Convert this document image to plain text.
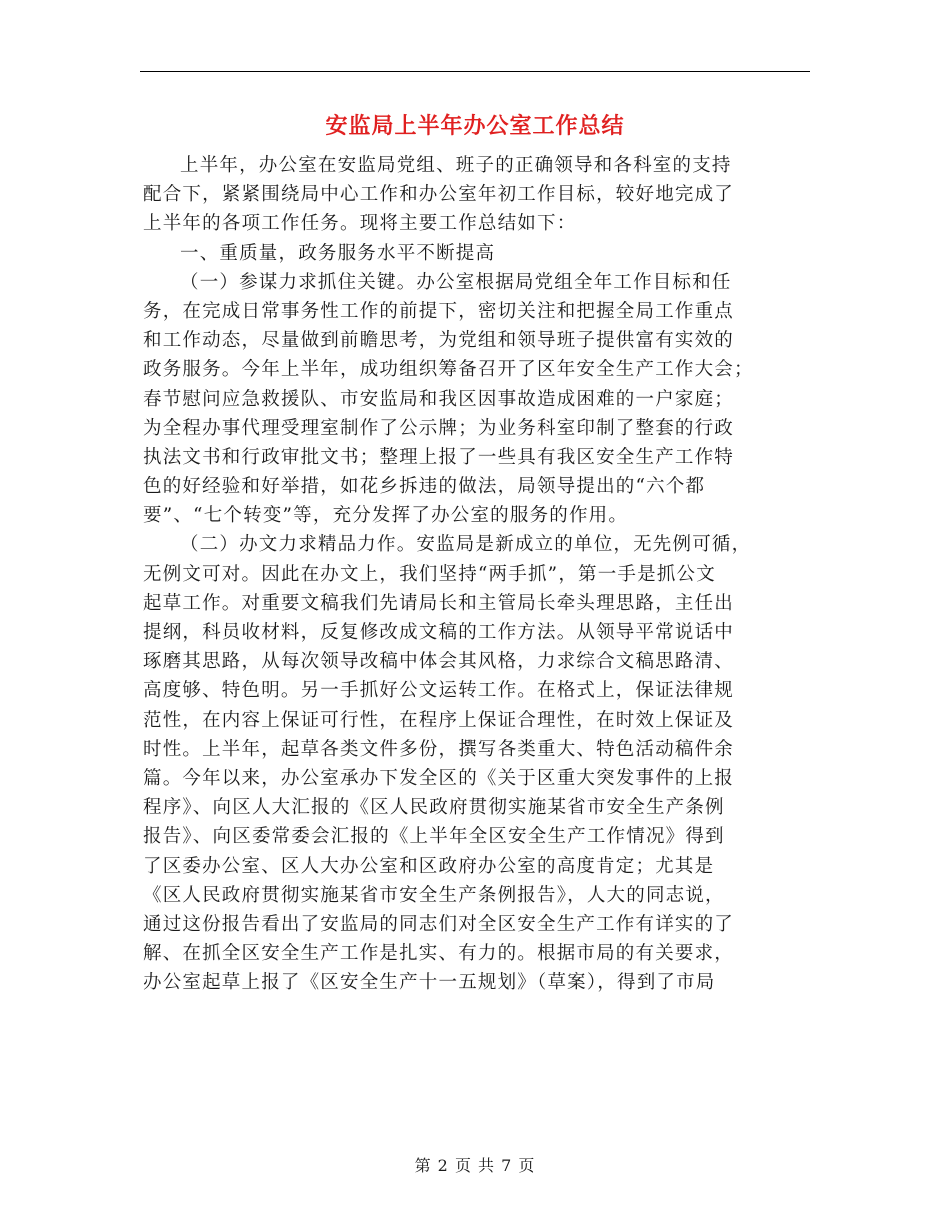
安监局上半年办公室工作总结
上半年，办公室在安监局党组、班子的正确领导和各科室的支持
配合下，紧紧围绕局中心工作和办公室年初工作目标，较好地完成了
上半年的各项工作任务。现将主要工作总结如下：
一、重质量，政务服务水平不断提高
（一）参谋力求抓住关键。办公室根据局党组全年工作目标和任
务，在完成日常事务性工作的前提下，密切关注和把握全局工作重点
和工作动态，尽量做到前瞻思考，为党组和领导班子提供富有实效的
政务服务。今年上半年，成功组织筹备召开了区年安全生产工作大会；
春节慰问应急救援队、市安监局和我区因事故造成困难的一户家庭；
为全程办事代理受理室制作了公示牌；为业务科室印制了整套的行政
执法文书和行政审批文书；整理上报了一些具有我区安全生产工作特
色的好经验和好举措，如花乡拆违的做法，局领导提出的“六个都
要”、“七个转变”等，充分发挥了办公室的服务的作用。
（二）办文力求精品力作。安监局是新成立的单位，无先例可循，
无例文可对。因此在办文上，我们坚持“两手抓”，第一手是抓公文
起草工作。对重要文稿我们先请局长和主管局长牵头理思路，主任出
提纲，科员收材料，反复修改成文稿的工作方法。从领导平常说话中
琢磨其思路，从每次领导改稿中体会其风格，力求综合文稿思路清、
高度够、特色明。另一手抓好公文运转工作。在格式上，保证法律规
范性，在内容上保证可行性，在程序上保证合理性，在时效上保证及
时性。上半年，起草各类文件多份，撰写各类重大、特色活动稿件余
篇。今年以来，办公室承办下发全区的《关于区重大突发事件的上报
程序》、向区人大汇报的《区人民政府贯彻实施某省市安全生产条例
报告》、向区委常委会汇报的《上半年全区安全生产工作情况》得到
了区委办公室、区人大办公室和区政府办公室的高度肯定；尤其是
《区人民政府贯彻实施某省市安全生产条例报告》，人大的同志说，
通过这份报告看出了安监局的同志们对全区安全生产工作有详实的了
解、在抓全区安全生产工作是扎实、有力的。根据市局的有关要求，
办公室起草上报了《区安全生产十一五规划》（草案），得到了市局
第 2 页 共 7 页
